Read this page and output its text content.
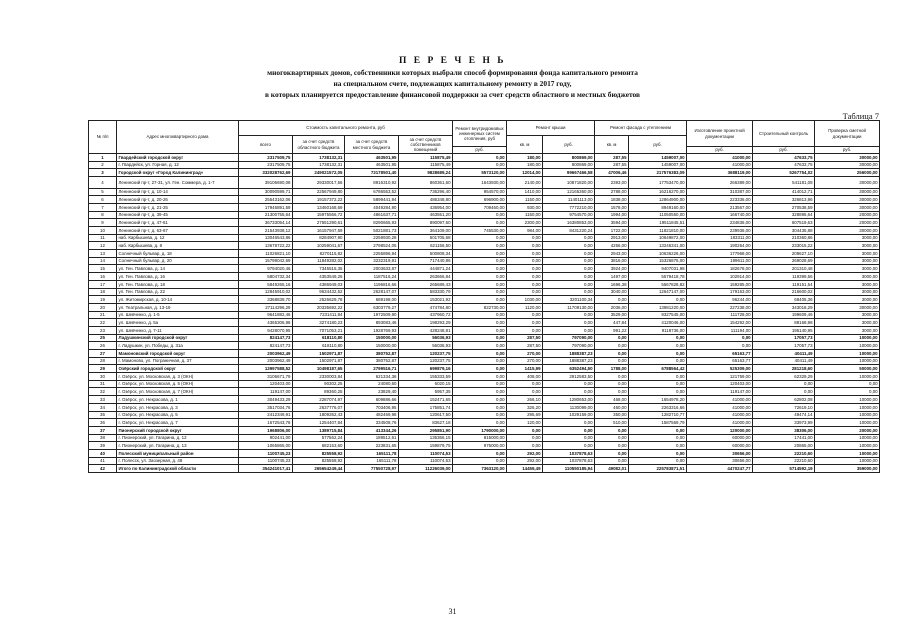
П Е Р Е Ч Е Н Ь
многоквартирных домов, собственники которых выбрали способ формирования фонда капитального ремонта
на специальном счете, подлежащих капитальному ремонту в 2017 году,
в которых планируется предоставление финансовой поддержки за счет средств областного и местных бюджетов
Таблица 7
№ п/п	Адрес многоквартирного дома	Стоимость капитального ремонта, руб				Ремонт внутридомовых инженерных систем отопления, руб	Ремонт крыши		Ремонт фасада с утеплением		Изготовление проектной документации	Строительный контроль	Проверка сметной документации
		всего	за счет средств областного бюджета	за счет средств местного бюджета	за счет средств собственников помещений		кв. м	руб.	кв. м	руб.			
						руб.					руб.	руб.	руб.
1	Гвардейский городской округ	2317509,75	1738132,31	463501,95	115875,49	0,00	180,00	800869,00	287,55	1459007,00	41000,00	47633,75	30000,00
2	г. Гвардейск, ул. Горная, д. 12	2317509,75	1738132,31	463501,95	115875,49	0,00	180,00	800869,00	287,55	1459007,00	41000,00	47633,75	30000,00
3	Городской округ «Город Калининград»	332028762,69	249021572,05	73178501,40	9828689,24	5573120,00	12014,00	99667466,58	47006,46	217576383,09	3688119,00	5267754,02	256000,00
4	Ленинский пр-т, 27-31, ул. Ген. Соммера, д. 1-7	39106690,08	29330017,56	8916310,92	860361,60	1643930,00	2140,00	10871820,00	2393,00	17753470,00	266389,00	541181,08	30000,00
5	Ленинский пр-т, д. 10-14	30090599,71	22567949,80	6786553,52	736296,40	954570,00	1410,00	12165360,00	2788,00	16216270,00	310387,00	414012,71	30000,00
6	Ленинский пр-т, д. 20-26	25543162,06	19157372,22	5899441,94	486348,80	696900,00	1150,00	11401113,00	1838,00	12864900,00	223336,00	326813,96	30000,00
7	Ленинский пр-т, д. 21-25	17946891,59	13460168,69	4049284,90	436954,00	709460,00	930,00	7772210,00	1578,00	8949160,00	213567,00	270538,59	30000,00
8	Ленинский пр-т, д. 39-45	21300755,64	15975566,72	4861637,71	463551,20	0,00	1150,00	9754570,00	1994,00	11050550,00	166740,00	328895,64	20000,00
9	Ленинский пр-т, д. 47-61	36733054,14	27551290,61	8290665,93	890097,60	0,00	2300,00	16380853,00	3594,00	19511845,51	234836,00	607519,63	20000,00
10	Ленинский пр-т, д. 63-67	21543938,12	16157947,59	5021881,73	364109,00	745530,00	984,00	8431220,24	1722,00	11821810,00	239936,00	304435,88	30000,00
11	наб. Карбышева, д. 12	13046543,86	8284907,90	2259930,28	501705,68	0,00	0,00	0,00	2913,00	10649872,00	183311,00	210360,86	3000,00
12	наб. Карбышева, д. 8	13678722,22	10259041,67	2798524,05	621156,50	0,00	0,00	0,00	4266,00	13246341,00	190264,00	233015,22	3000,00
13	Солнечный бульвар, д. 18	11026821,10	8270115,82	2255896,94	500808,34	0,00	0,00	0,00	2943,00	10636226,00	177968,00	209627,10	3000,00
14	Солнечный бульвар, д. 20	15799042,69	11849282,02	3232319,81	717440,86	0,00	0,00	0,00	3816,00	15326875,00	199611,00	269028,69	3000,00
15	ул. Ген. Павлова, д. 14	9794020,46	7345515,35	2003633,87	444871,24	0,00	0,00	0,00	3924,00	9407031,98	182678,00	201310,48	3000,00
16	ул. Ген. Павлова, д. 16	5804732,34	4353549,26	1187516,24	263666,84	0,00	0,00	0,00	1497,00	5579418,78	102914,00	119399,56	3000,00
17	ул. Ген. Павлова, д. 18	5849265,16	4386949,03	1196816,66	265689,43	0,00	0,00	0,00	1696,38	5567828,82	159285,00	119151,54	3000,00
18	ул. Ген. Павлова, д. 22	12845910,02	9634432,52	2628147,07	583330,79	0,00	0,00	0,00	3040,00	12647147,00	179163,00	216600,02	3000,00
19	ул. Житомирская, д. 10-14	3368839,70	2526629,78	689198,00	153021,92	0,00	1030,00	3201100,34	0,00	0,00	96244,00	68405,36	3000,00
20	ул. Театральная, д. 13-19	27114296,29	20335692,22	6303779,27	474784,80	822730,00	1120,00	11709130,00	2036,00	13981220,00	227238,00	343018,29	30000,00
21	ул. Шевченко, д. 1-5	9641882,46	7231411,84	1972509,90	437960,72	0,00	0,00	0,00	3529,00	9327545,00	111728,00	199609,46	3000,00
22	ул. Шевченко, д. 5а	4365306,98	3274180,23	893083,46	198293,29	0,00	0,00	0,00	447,84	4120046,00	154292,00	88168,98	3000,00
23	ул. Шевченко, д. 7-11	9428070,95	7071053,21	1928769,93	428248,81	0,00	0,00	0,00	991,22	9118736,00	111194,00	195140,95	3000,00
25	Ладушкинский городской округ	824147,73	618110,80	150000,00	56036,93	0,00	287,50	797090,00	0,00	0,00	0,00	17057,73	10000,00
26	г. Ладушкин, ул. Победы, д. 31а	824147,73	618110,80	150000,00	56036,93	0,00	287,50	797090,00	0,00	0,00	0,00	17057,73	10000,00
27	Мамоновский городской округ	2003962,49	1502971,87	380752,87	120237,75	0,00	270,00	1888387,23	0,00	0,00	65163,77	40411,49	10000,00
28	г. Мамоново, ул. Пограничная, д. 37	2003962,49	1502971,87	380752,87	120237,75	0,00	270,00	1888387,23	0,00	0,00	65163,77	40411,49	10000,00
29	Озёрский городской округ	13997588,52	10498187,65	2799516,71	699879,16	0,00	1415,99	6352494,50	1788,00	6788564,42	525309,00	281218,60	50000,00
30	г. Озёрск, ул. Московская, д. 3 (ОКН)	3106671,79	2330003,84	621334,36	155333,59	0,00	408,00	2912583,50	0,00	0,00	121759,00	62329,29	10000,00
31	г. Озёрск, ул. Московская, д. 5 (ОКН)	120403,00	90302,25	24080,60	6020,15	0,00	0,00	0,00	0,00	0,00	120403,00	0,00	0,00
32	г. Озёрск, ул. Московская, д. 7 (ОКН)	119147,00	89360,25	23829,40	5957,35	0,00	0,00	0,00	0,00	0,00	119147,00	0,00	0,00
33	г. Озёрск, ул. Некрасова, д. 1	3049433,29	2287074,97	609886,66	152471,65	0,00	266,10	1280653,00	468,00	1654978,20	41000,00	62802,08	10000,00
34	г. Озёрск, ул. Некрасова, д. 3	3517034,76	2637776,07	703406,95	175851,74	0,00	326,20	1130099,00	460,00	2263316,66	41000,00	72619,10	10000,00
35	г. Озёрск, ул. Некрасова, д. 5	2412349,91	1809262,43	482469,98	120617,50	0,00	295,69	1029159,00	350,00	1282710,77	41000,00	49474,14	10000,00
36	г. Озёрск, ул. Некрасова, д. 7	1672543,78	1254407,84	334508,76	83627,18	0,00	120,00	0,00	510,00	1587569,79	41000,00	33973,99	10000,00
37	Пионерский городской округ	1968806,00	1389715,84	413344,26	295851,90	1790000,00	0,00	0,00	0,00	0,00	120000,00	38306,00	20000,00
38	г. Пионерский, ул. Гагарина, д. 12	902441,00	577562,24	189512,61	135366,15	815000,00	0,00	0,00	0,00	0,00	60000,00	17441,00	10000,00
39	г. Пионерский, ул. Гагарина, д. 13	1065865,00	682153,60	223831,65	159879,75	975000,00	0,00	0,00	0,00	0,00	60000,00	20865,00	10000,00
40	Полесский муниципальный район	1100745,23	825558,92	165111,78	110074,53	0,00	292,00	1037878,63	0,00	0,00	30656,00	22210,60	10000,00
41	г. Полесск, ул. Заозерная, д. 48	1100745,23	825558,92	165111,78	110074,53	0,00	292,00	1037878,63	0,00	0,00	30656,00	22210,60	10000,00
42	Итого по Калининградской области	354241017,41	265654249,44	77550728,97	11226039,00	7363120,00	14459,49	110550185,94	49082,01	225783871,51	4470247,77	5714592,19	359000,00
31
